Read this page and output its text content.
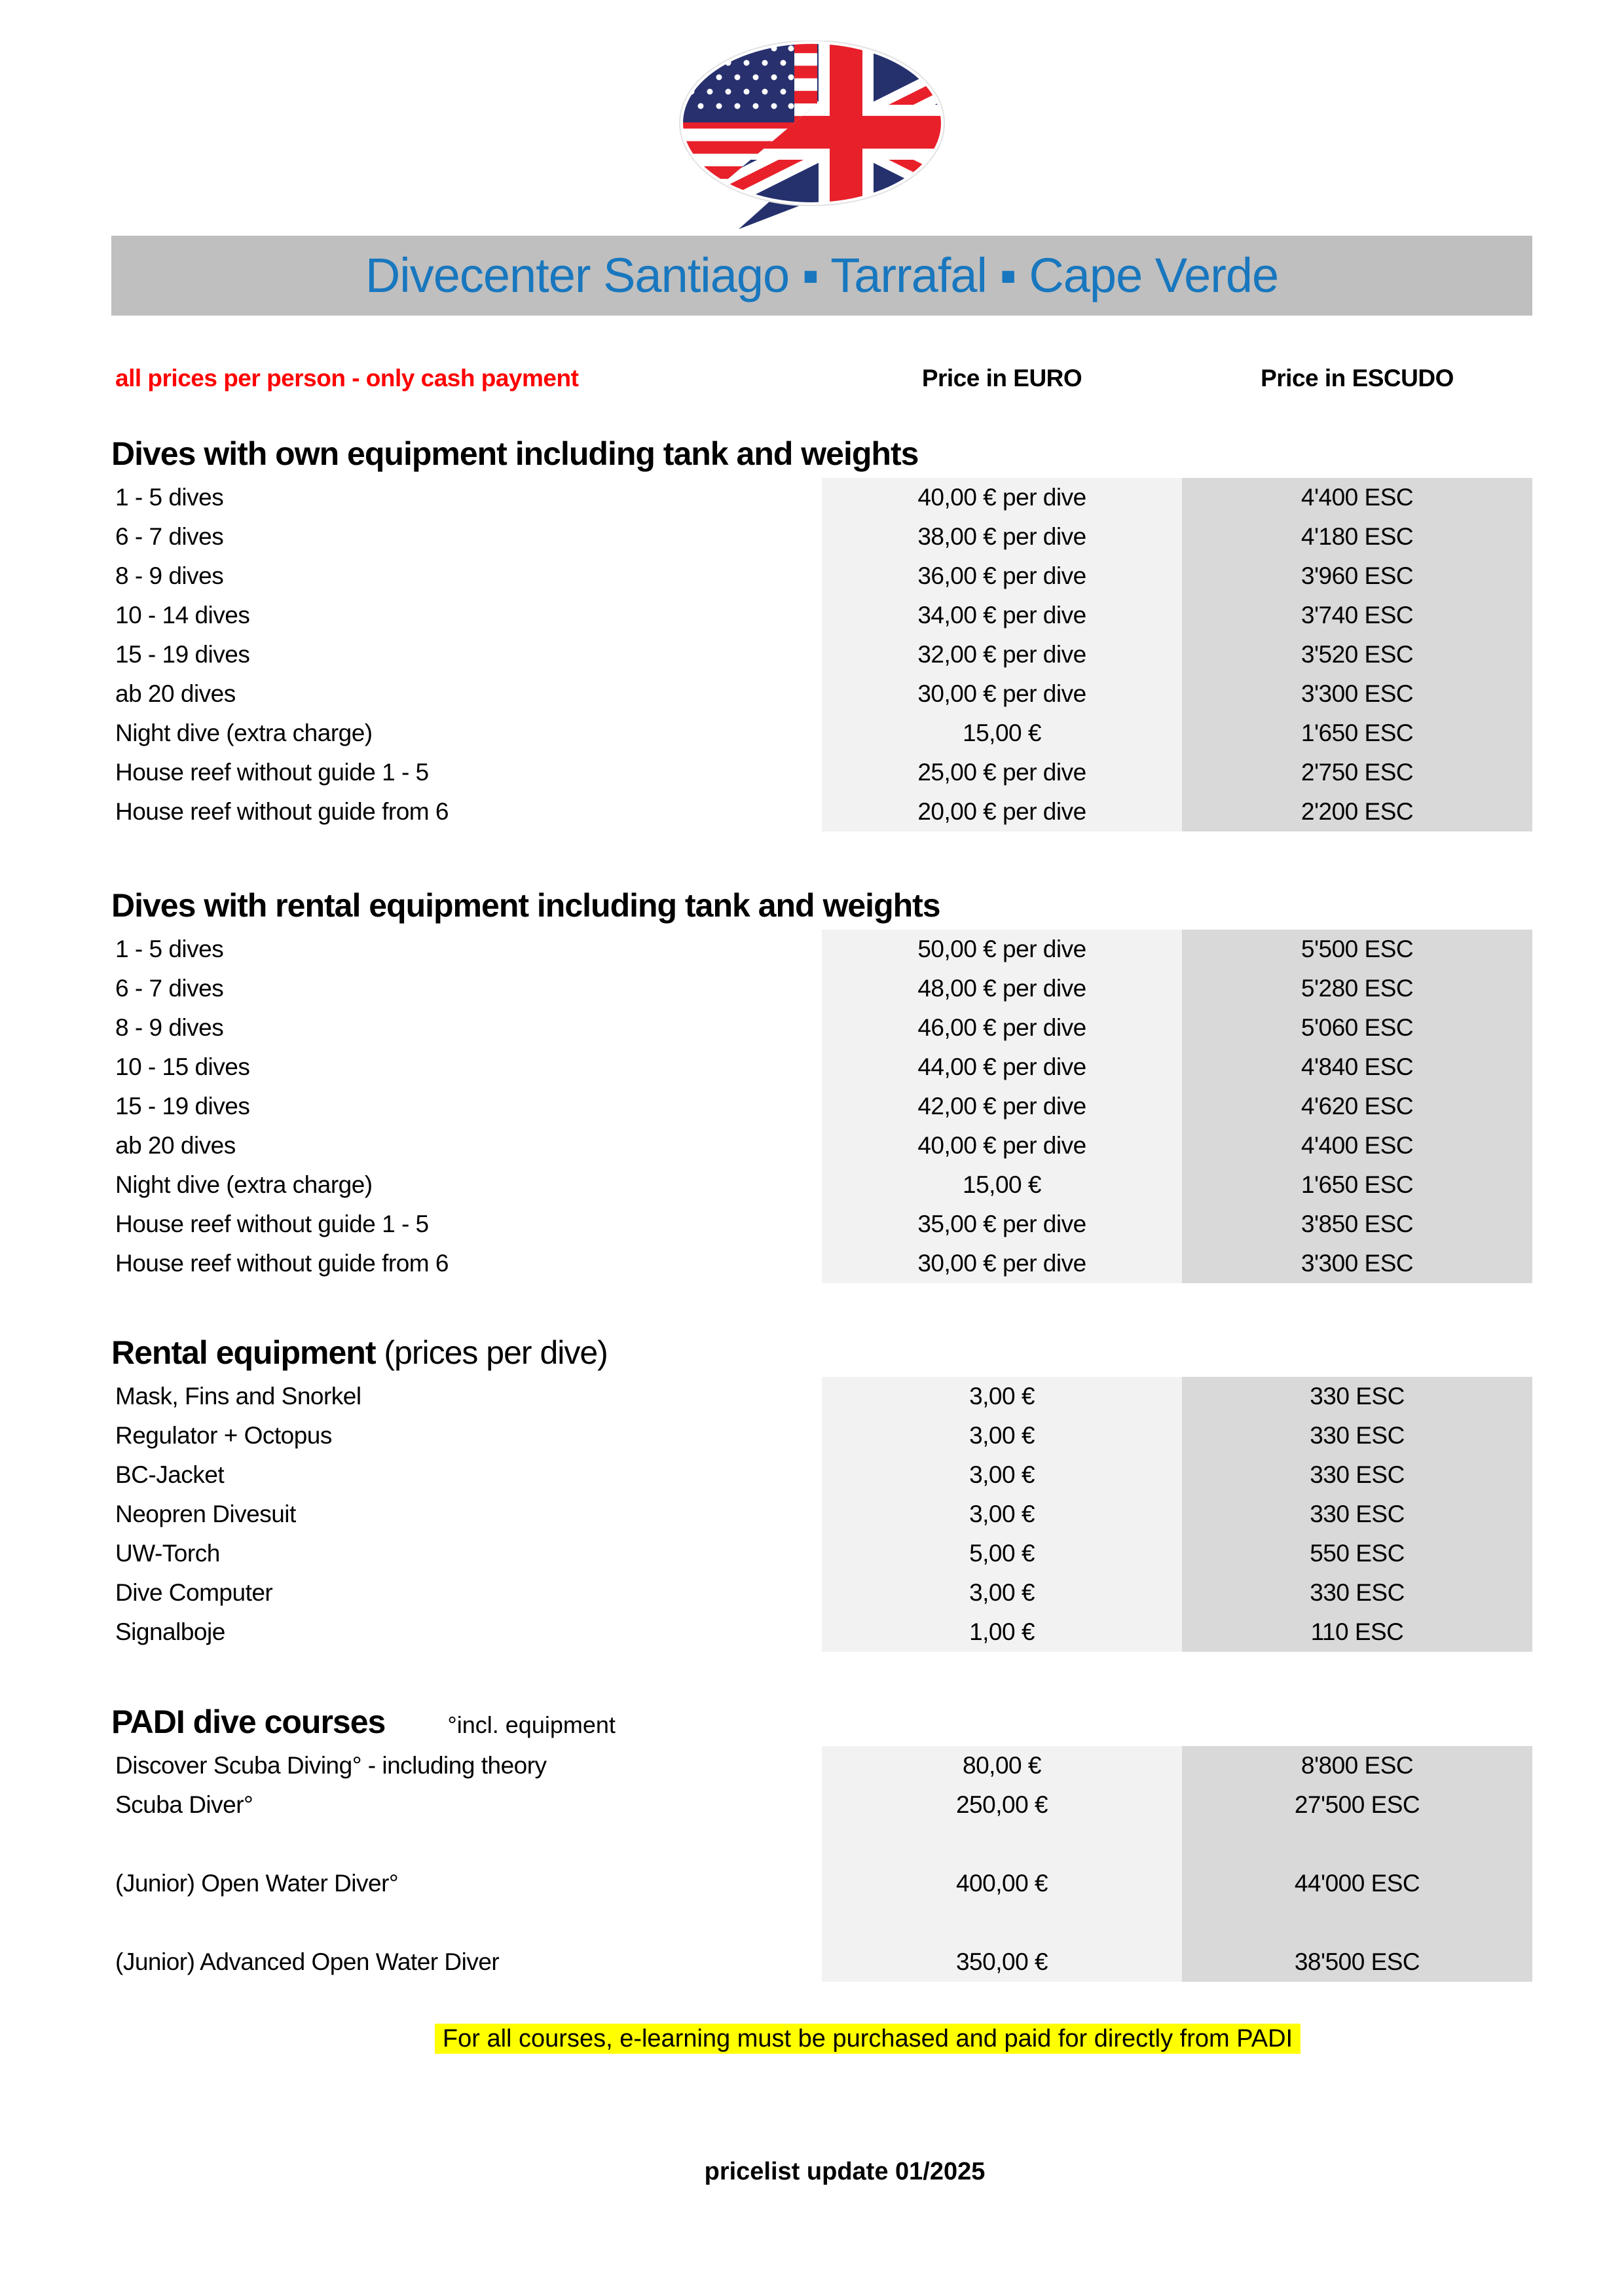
Divecenter Santiago ▪ Tarrafal ▪ Cape Verde
all prices per person - only cash payment	Price in EURO	Price in ESCUDO
Dives with own equipment including tank and weights
1 - 5 dives	40,00 € per dive	4'400 ESC
6 - 7 dives	38,00 € per dive	4'180 ESC
8 - 9 dives	36,00 € per dive	3'960 ESC
10 - 14 dives	34,00 € per dive	3'740 ESC
15 - 19 dives	32,00 € per dive	3'520 ESC
ab 20 dives	30,00 € per dive	3'300 ESC
Night dive (extra charge)	15,00 €	1'650 ESC
House reef without guide 1 - 5	25,00 € per dive	2'750 ESC
House reef without guide from 6	20,00 € per dive	2'200 ESC
Dives with rental equipment including tank and weights
1 - 5 dives	50,00 € per dive	5'500 ESC
6 - 7 dives	48,00 € per dive	5'280 ESC
8 - 9 dives	46,00 € per dive	5'060 ESC
10 - 15 dives	44,00 € per dive	4'840 ESC
15 - 19 dives	42,00 € per dive	4'620 ESC
ab 20 dives	40,00 € per dive	4'400 ESC
Night dive (extra charge)	15,00 €	1'650 ESC
House reef without guide 1 - 5	35,00 € per dive	3'850 ESC
House reef without guide from 6	30,00 € per dive	3'300 ESC
Rental equipment (prices per dive)
Mask, Fins and Snorkel	3,00 €	330 ESC
Regulator + Octopus	3,00 €	330 ESC
BC-Jacket	3,00 €	330 ESC
Neopren Divesuit	3,00 €	330 ESC
UW-Torch	5,00 €	550 ESC
Dive Computer	3,00 €	330 ESC
Signalboje	1,00 €	110 ESC
PADI dive courses	°incl. equipment
Discover Scuba Diving° - including theory	80,00 €	8'800 ESC
Scuba Diver°	250,00 €	27'500 ESC
(Junior) Open Water Diver°	400,00 €	44'000 ESC
(Junior) Advanced Open Water Diver	350,00 €	38'500 ESC
For all courses, e-learning must be purchased and paid for directly from PADI
pricelist update 01/2025
